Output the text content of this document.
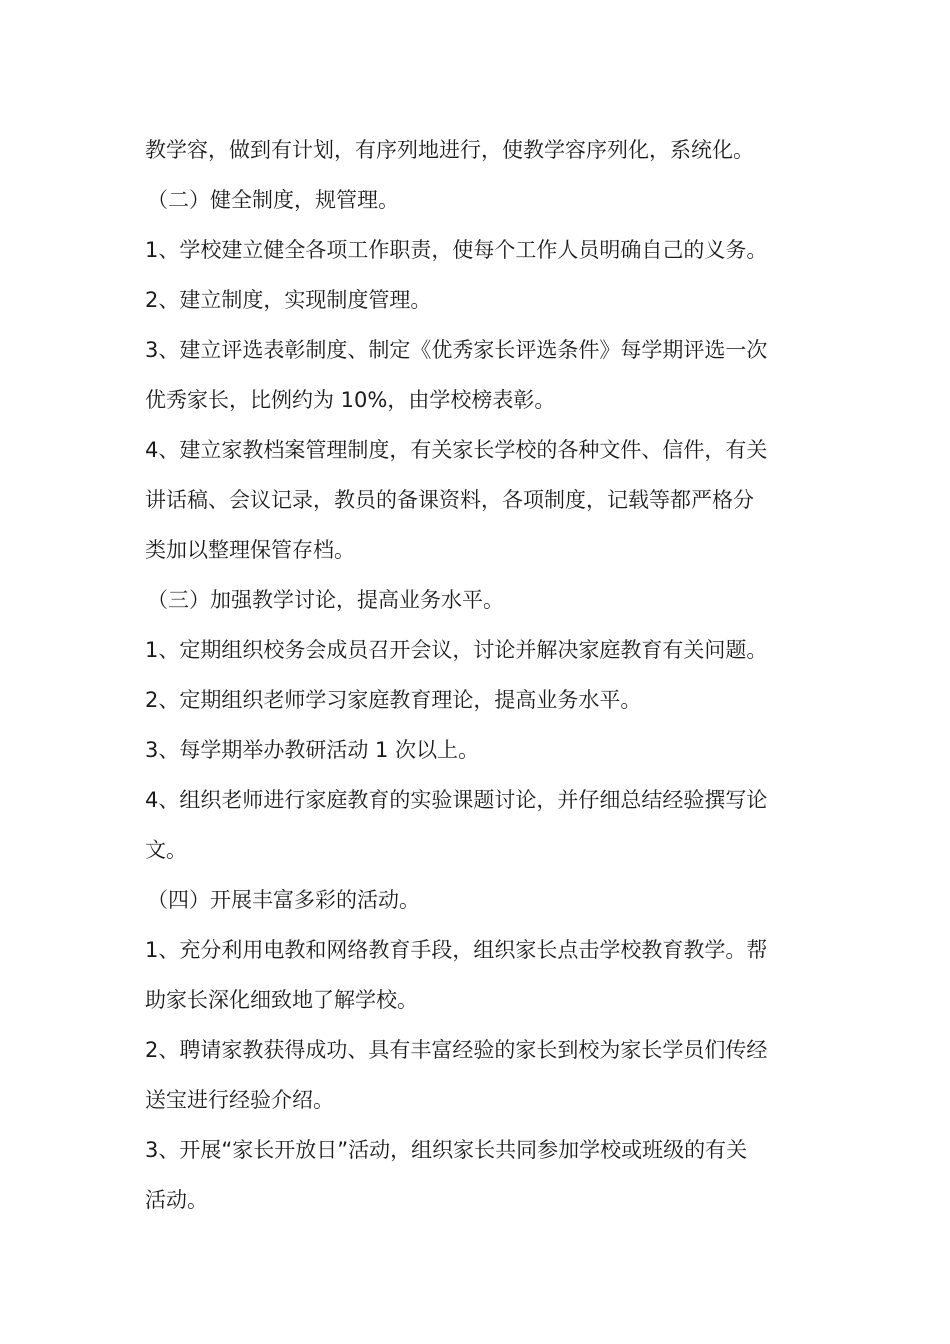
教学容，做到有计划，有序列地进行，使教学容序列化，系统化。
（二）健全制度，规管理。
1、学校建立健全各项工作职责，使每个工作人员明确自己的义务。
2、建立制度，实现制度管理。
3、建立评选表彰制度、制定《优秀家长评选条件》每学期评选一次
优秀家长，比例约为 10%，由学校榜表彰。
4、建立家教档案管理制度，有关家长学校的各种文件、信件，有关
讲话稿、会议记录，教员的备课资料，各项制度，记载等都严格分
类加以整理保管存档。
（三）加强教学讨论，提高业务水平。
1、定期组织校务会成员召开会议，讨论并解决家庭教育有关问题。
2、定期组织老师学习家庭教育理论，提高业务水平。
3、每学期举办教研活动 1 次以上。
4、组织老师进行家庭教育的实验课题讨论，并仔细总结经验撰写论
文。
（四）开展丰富多彩的活动。
1、充分利用电教和网络教育手段，组织家长点击学校教育教学。帮
助家长深化细致地了解学校。
2、聘请家教获得成功、具有丰富经验的家长到校为家长学员们传经
送宝进行经验介绍。
3、开展“家长开放日”活动，组织家长共同参加学校或班级的有关
活动。
